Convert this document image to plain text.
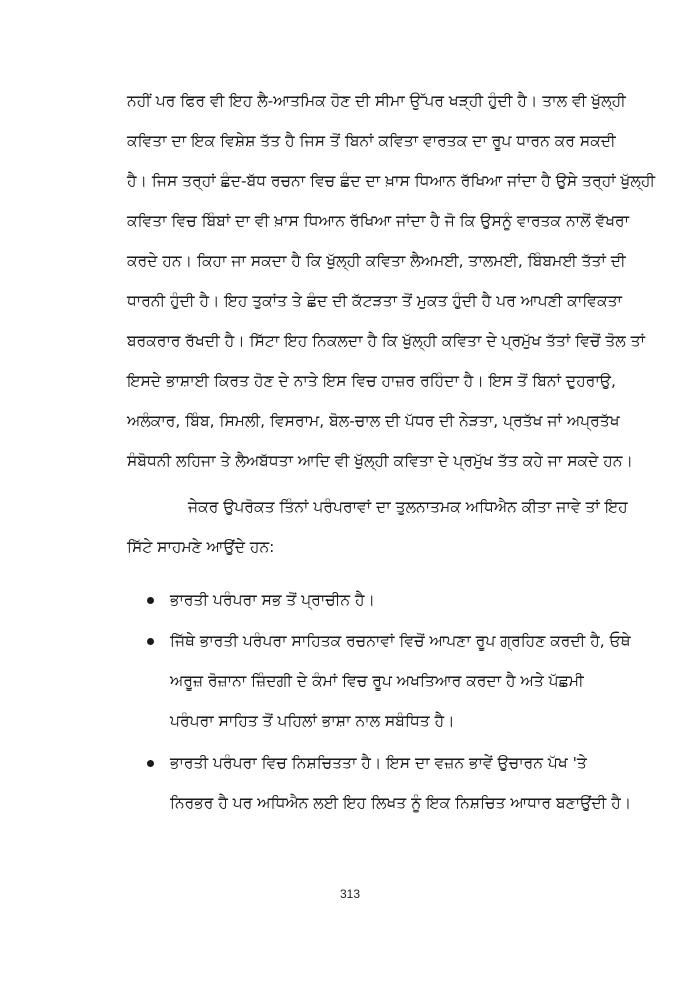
ਨਹੀਂ ਪਰ ਫਿਰ ਵੀ ਇਹ ਲੈ-ਆਤਮਿਕ ਹੋਣ ਦੀ ਸੀਮਾ ਉੱਪਰ ਖੜ੍ਹੀ ਹੁੰਦੀ ਹੈ। ਤਾਲ ਵੀ ਖੁੱਲ੍ਹੀ
ਕਵਿਤਾ ਦਾ ਇਕ ਵਿਸ਼ੇਸ਼ ਤੱਤ ਹੈ ਜਿਸ ਤੋਂ ਬਿਨਾਂ ਕਵਿਤਾ ਵਾਰਤਕ ਦਾ ਰੂਪ ਧਾਰਨ ਕਰ ਸਕਦੀ
ਹੈ। ਜਿਸ ਤਰ੍ਹਾਂ ਛੰਦ-ਬੱਧ ਰਚਨਾ ਵਿਚ ਛੰਦ ਦਾ ਖ਼ਾਸ ਧਿਆਨ ਰੱਖਿਆ ਜਾਂਦਾ ਹੈ ਉਸੇ ਤਰ੍ਹਾਂ ਖੁੱਲ੍ਹੀ
ਕਵਿਤਾ ਵਿਚ ਬਿੰਬਾਂ ਦਾ ਵੀ ਖ਼ਾਸ ਧਿਆਨ ਰੱਖਿਆ ਜਾਂਦਾ ਹੈ ਜੋ ਕਿ ਉਸਨੂੰ ਵਾਰਤਕ ਨਾਲੋਂ ਵੱਖਰਾ
ਕਰਦੇ ਹਨ। ਕਿਹਾ ਜਾ ਸਕਦਾ ਹੈ ਕਿ ਖੁੱਲ੍ਹੀ ਕਵਿਤਾ ਲੈਅਮਈ, ਤਾਲਮਈ, ਬਿੰਬਮਈ ਤੱਤਾਂ ਦੀ
ਧਾਰਨੀ ਹੁੰਦੀ ਹੈ। ਇਹ ਤੁਕਾਂਤ ਤੇ ਛੰਦ ਦੀ ਕੱਟੜਤਾ ਤੋਂ ਮੁਕਤ ਹੁੰਦੀ ਹੈ ਪਰ ਆਪਣੀ ਕਾਵਿਕਤਾ
ਬਰਕਰਾਰ ਰੱਖਦੀ ਹੈ। ਸਿੱਟਾ ਇਹ ਨਿਕਲਦਾ ਹੈ ਕਿ ਖੁੱਲ੍ਹੀ ਕਵਿਤਾ ਦੇ ਪ੍ਰਮੁੱਖ ਤੱਤਾਂ ਵਿਚੋਂ ਤੋਲ ਤਾਂ
ਇਸਦੇ ਭਾਸ਼ਾਈ ਕਿਰਤ ਹੋਣ ਦੇ ਨਾਤੇ ਇਸ ਵਿਚ ਹਾਜ਼ਰ ਰਹਿੰਦਾ ਹੈ। ਇਸ ਤੋਂ ਬਿਨਾਂ ਦੁਹਰਾਉ,
ਅਲੰਕਾਰ, ਬਿੰਬ, ਸਿਮਲੀ, ਵਿਸਰਾਮ, ਬੋਲ-ਚਾਲ ਦੀ ਪੱਧਰ ਦੀ ਨੇੜਤਾ, ਪ੍ਰਤੱਖ ਜਾਂ ਅਪ੍ਰਤੱਖ
ਸੰਬੋਧਨੀ ਲਹਿਜਾ ਤੇ ਲੈਅਬੱਧਤਾ ਆਦਿ ਵੀ ਖੁੱਲ੍ਹੀ ਕਵਿਤਾ ਦੇ ਪ੍ਰਮੁੱਖ ਤੱਤ ਕਹੇ ਜਾ ਸਕਦੇ ਹਨ।
ਜੇਕਰ ਉਪਰੋਕਤ ਤਿੰਨਾਂ ਪਰੰਪਰਾਵਾਂ ਦਾ ਤੁਲਨਾਤਮਕ ਅਧਿਐਨ ਕੀਤਾ ਜਾਵੇ ਤਾਂ ਇਹ
ਸਿੱਟੇ ਸਾਹਮਣੇ ਆਉਂਦੇ ਹਨ:
ਭਾਰਤੀ ਪਰੰਪਰਾ ਸਭ ਤੋਂ ਪ੍ਰਾਚੀਨ ਹੈ।
ਜਿੱਥੇ ਭਾਰਤੀ ਪਰੰਪਰਾ ਸਾਹਿਤਕ ਰਚਨਾਵਾਂ ਵਿਚੋਂ ਆਪਣਾ ਰੂਪ ਗ੍ਰਹਿਣ ਕਰਦੀ ਹੈ, ਓਥੇ
ਅਰੂਜ਼ ਰੋਜ਼ਾਨਾ ਜ਼ਿੰਦਗੀ ਦੇ ਕੰਮਾਂ ਵਿਚ ਰੂਪ ਅਖਤਿਆਰ ਕਰਦਾ ਹੈ ਅਤੇ ਪੱਛਮੀ
ਪਰੰਪਰਾ ਸਾਹਿਤ ਤੋਂ ਪਹਿਲਾਂ ਭਾਸ਼ਾ ਨਾਲ ਸਬੰਧਿਤ ਹੈ।
ਭਾਰਤੀ ਪਰੰਪਰਾ ਵਿਚ ਨਿਸ਼ਚਿਤਤਾ ਹੈ। ਇਸ ਦਾ ਵਜ਼ਨ ਭਾਵੇਂ ਉਚਾਰਨ ਪੱਖ 'ਤੇ
ਨਿਰਭਰ ਹੈ ਪਰ ਅਧਿਐਨ ਲਈ ਇਹ ਲਿਖਤ ਨੂੰ ਇਕ ਨਿਸ਼ਚਿਤ ਆਧਾਰ ਬਣਾਉਂਦੀ ਹੈ।
313
